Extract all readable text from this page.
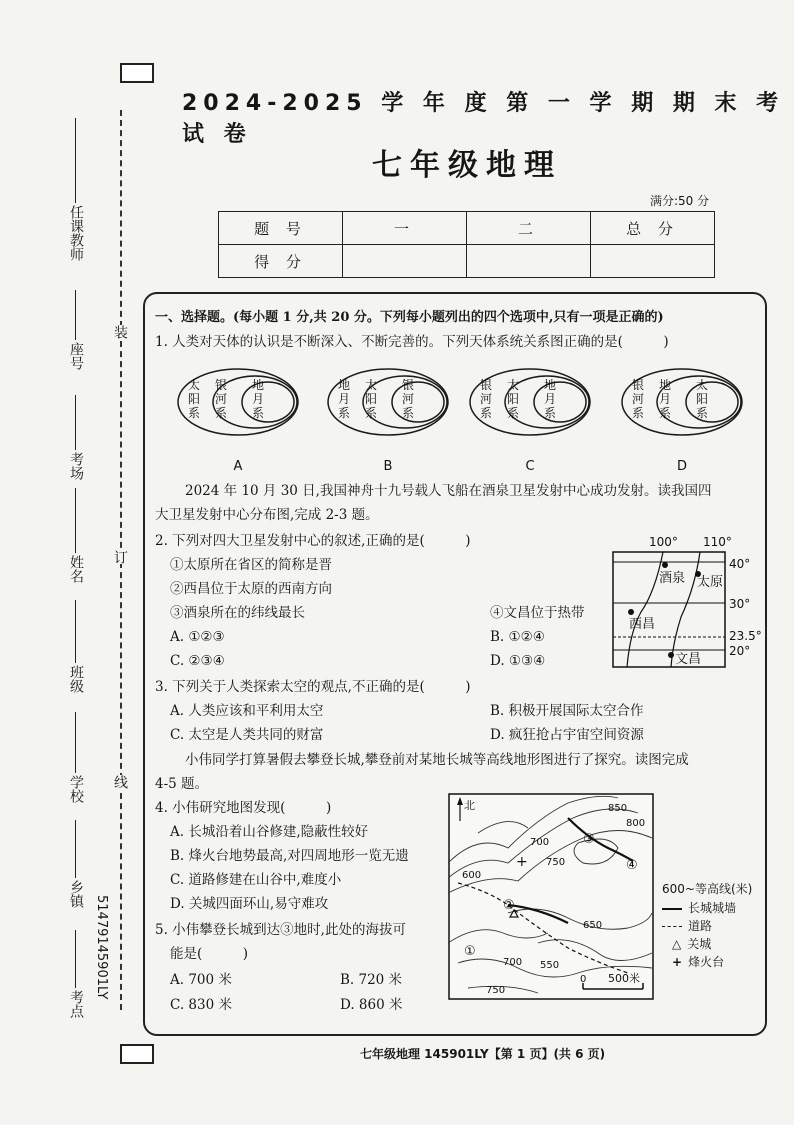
2024-2025 学 年 度 第 一 学 期 期 末 考 试 卷
七年级地理
满分:50 分
题 号	一	二	总 分
得 分			
任课教师
座号
考场
姓名
班级
学校
乡镇
考点
51479145901LY
装
订
线
一、选择题。(每小题 1 分,共 20 分。下列每小题列出的四个选项中,只有一项是正确的)
1. 人类对天体的认识是不断深入、不断完善的。下列天体系统关系图正确的是(　　　)
太
阳
系
银
河
系
地
月
系
地
月
系
太
阳
系
银
河
系
银
河
系
太
阳
系
地
月
系
银
河
系
地
月
系
太
阳
系
A	B	C	D
2024 年 10 月 30 日,我国神舟十九号载人飞船在酒泉卫星发射中心成功发射。读我国四
大卫星发射中心分布图,完成 2-3 题。
2. 下列对四大卫星发射中心的叙述,正确的是(　　　)
①太原所在省区的简称是晋
②西昌位于太原的西南方向
③酒泉所在的纬线最长	④文昌位于热带
A. ①②③	B. ①②④
C. ②③④	D. ①③④
100° 110°
40°
30°
23.5°
20°
酒泉 太原
西昌
文昌
3. 下列关于人类探索太空的观点,不正确的是(　　　)
A. 人类应该和平利用太空	B. 积极开展国际太空合作
C. 太空是人类共同的财富	D. 疯狂抢占宇宙空间资源
小伟同学打算暑假去攀登长城,攀登前对某地长城等高线地形图进行了探究。读图完成
4-5 题。
4. 小伟研究地图发现(　　　)
A. 长城沿着山谷修建,隐蔽性较好
B. 烽火台地势最高,对四周地形一览无遗
C. 道路修建在山谷中,难度小
D. 关城四面环山,易守难攻
5. 小伟攀登长城到达③地时,此处的海拔可
能是(　　　)
A. 700 米	B. 720 米
C. 830 米	D. 860 米
850
800
750
700
600
650
700 550
750
①
②
③
④
+
北
0 500米
600~等高线(米)
长城城墙
道路
△ 关城
+ 烽火台
七年级地理 145901LY【第 1 页】(共 6 页)
